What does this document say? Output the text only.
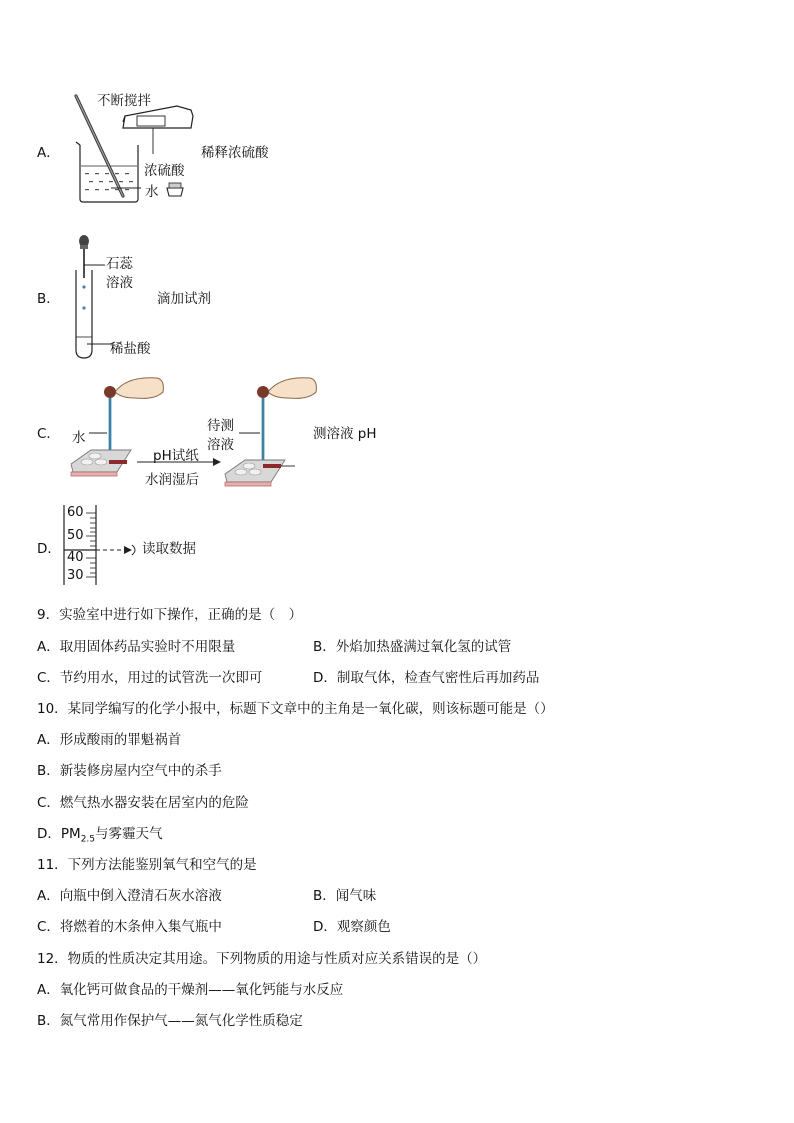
A．
不断搅拌
稀释浓硫酸
浓硫酸
水
B．
石蕊
溶液
滴加试剂
稀盐酸
C． 水
pH试纸
水润湿后
待测
溶液
测溶液 pH
D．
60
50
40
30
读取数据
9．实验室中进行如下操作，正确的是（　）
A．取用固体药品实验时不用限量	B．外焰加热盛满过氧化氢的试管
C．节约用水，用过的试管洗一次即可	D．制取气体，检查气密性后再加药品
10．某同学编写的化学小报中，标题下文章中的主角是一氧化碳，则该标题可能是（）
A．形成酸雨的罪魁祸首
B．新装修房屋内空气中的杀手
C．燃气热水器安装在居室内的危险
D．$PM_{2.5}$与雾霾天气
11．下列方法能鉴别氧气和空气的是
A．向瓶中倒入澄清石灰水溶液	B．闻气味
C．将燃着的木条伸入集气瓶中	D．观察颜色
12．物质的性质决定其用途。下列物质的用途与性质对应关系错误的是（）
A．氧化钙可做食品的干燥剂——氧化钙能与水反应
B．氮气常用作保护气——氮气化学性质稳定
